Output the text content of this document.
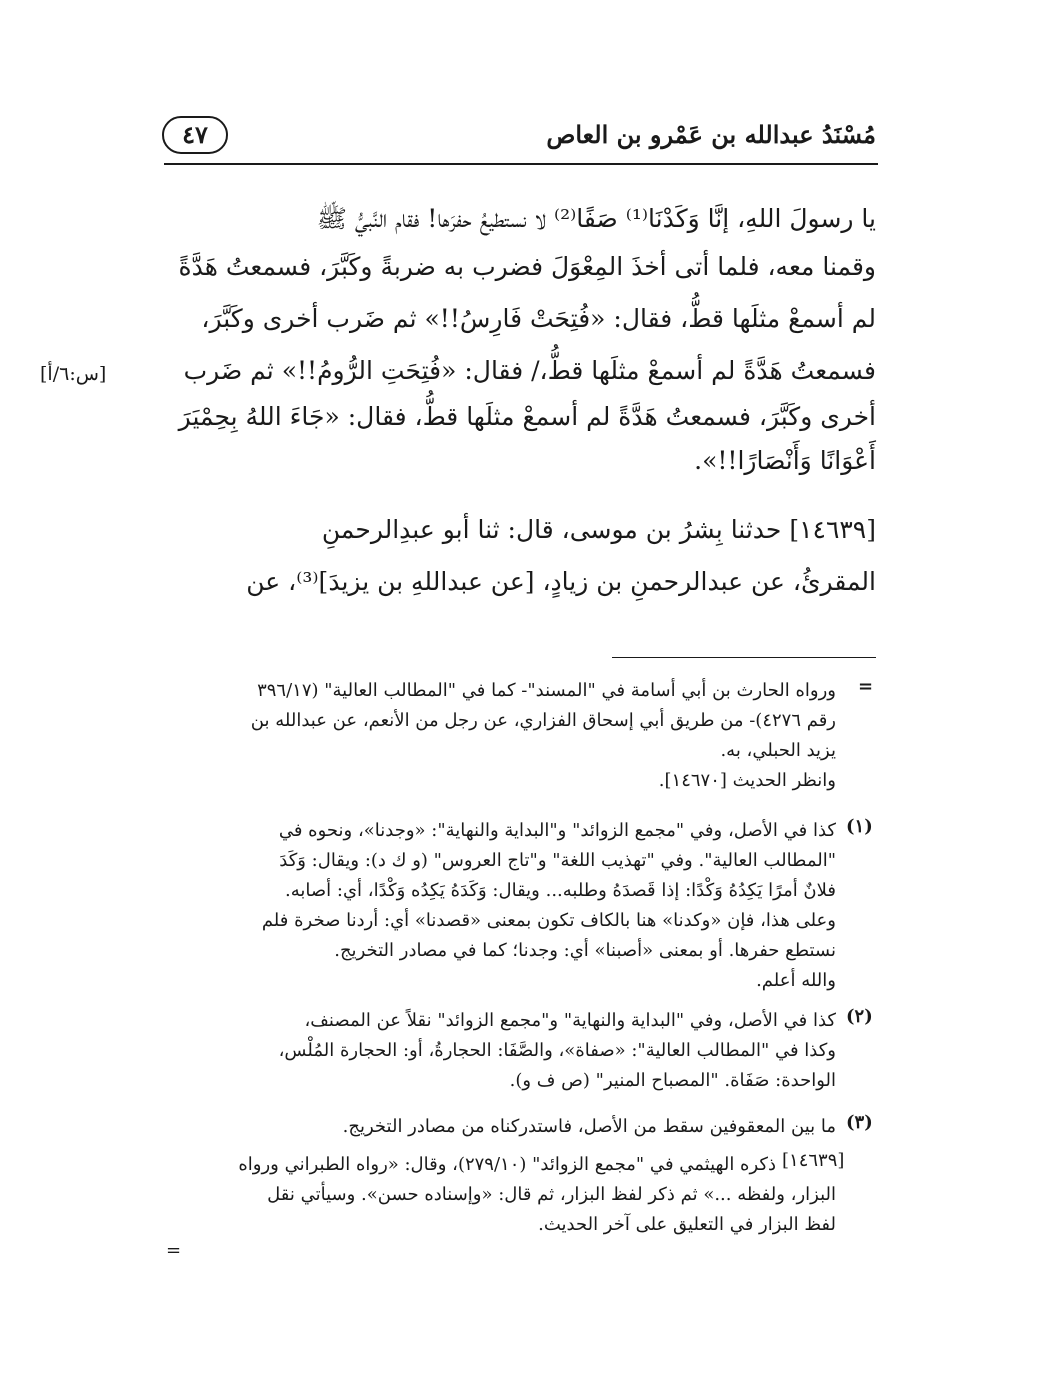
مُسْنَدُ عبدالله بن عَمْرو بن العاص
٤٧
يا رسولَ اللهِ، إنَّا وَكَدْنَا⁽¹⁾ صَفًا⁽²⁾ لا نستطيعُ حفرَها! فقام النَّبيُّ ﷺ
وقمنا معه، فلما أتى أخذَ المِعْوَلَ فضرب به ضربةً وكَبَّرَ، فسمعتُ هَدَّةً
لم أسمعْ مثلَها قطُّ، فقال: «فُتِحَتْ فَارِسُ!!» ثم ضَرب أخرى وكَبَّرَ،
فسمعتُ هَدَّةً لم أسمعْ مثلَها قطُّ،/ فقال: «فُتِحَتِ الرُّومُ!!» ثم ضَرب
أخرى وكَبَّرَ، فسمعتُ هَدَّةً لم أسمعْ مثلَها قطُّ، فقال: «جَاءَ اللهُ بِحِمْيَرَ
أَعْوَانًا وَأَنْصَارًا!!».
[س:٦/أ]
[١٤٦٣٩] حدثنا بِشرُ بن موسى، قال: ثنا أبو عبدِالرحمنِ
المقرئُ، عن عبدالرحمنِ بن زيادٍ، [عن عبداللهِ بن يزيدَ]⁽³⁾، عن
=
ورواه الحارث بن أبي أسامة في "المسند"- كما في "المطالب العالية" (٣٩٦/١٧
رقم ٤٢٧٦)- من طريق أبي إسحاق الفزاري، عن رجل من الأنعم، عن عبدالله بن
يزيد الحبلي، به.
وانظر الحديث [١٤٦٧٠].
(١)
كذا في الأصل، وفي "مجمع الزوائد" و"البداية والنهاية": «وجدنا»، ونحوه في
"المطالب العالية". وفي "تهذيب اللغة" و"تاج العروس" (و ك د): ويقال: وَكَدَ
فلانٌ أمرًا يَكِدُهُ وَكْدًا: إذا قَصدَهُ وطلبه... ويقال: وَكَدَهُ يَكِدُه وَكْدًا، أي: أصابه.
وعلى هذا، فإن «وكدنا» هنا بالكاف تكون بمعنى «قصدنا» أي: أردنا صخرة فلم
نستطع حفرها. أو بمعنى «أصبنا» أي: وجدنا؛ كما في مصادر التخريج.
والله أعلم.
(٢)
كذا في الأصل، وفي "البداية والنهاية" و"مجمع الزوائد" نقلاً عن المصنف،
وكذا في "المطالب العالية": «صفاة»، والصَّفَا: الحجارةُ، أو: الحجارة المُلْس،
الواحدة: صَفَاة. "المصباح المنير" (ص ف و).
(٣)
ما بين المعقوفين سقط من الأصل، فاستدركناه من مصادر التخريج.
[١٤٦٣٩]
ذكره الهيثمي في "مجمع الزوائد" (٢٧٩/١٠)، وقال: «رواه الطبراني ورواه
البزار، ولفظه ...» ثم ذكر لفظ البزار، ثم قال: «وإسناده حسن». وسيأتي نقل
لفظ البزار في التعليق على آخر الحديث.
=
